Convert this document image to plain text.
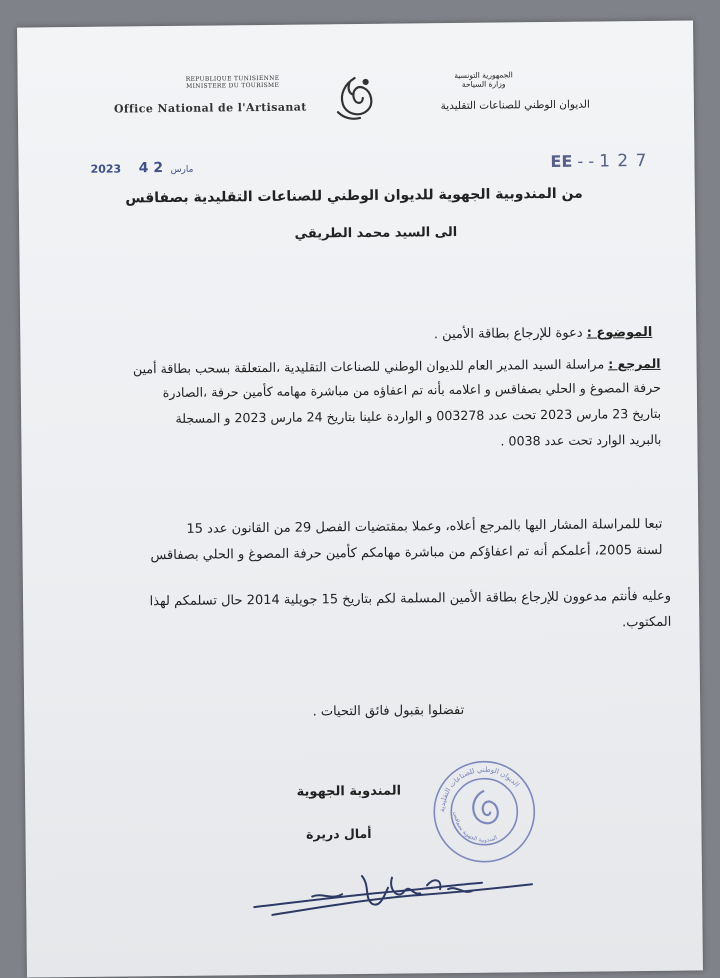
REPUBLIQUE TUNISIENNE
MINISTERE DU TOURISME
Office National de l'Artisanat
الجمهورية التونسية
وزارة السياحة
الديوان الوطني للصناعات التقليدية
2023	مارس 2 4	EE - - 1 2 7
من المندوبية الجهوية للديوان الوطني للصناعات التقليدية بصفاقس
الى السيد محمد الطريقي
الموضوع : دعوة للإرجاع بطاقة الأمين .
المرجع : مراسلة السيد المدير العام للديوان الوطني للصناعات التقليدية ،المتعلقة بسحب بطاقة أمين
حرفة المصوغ و الحلي بصفاقس و اعلامه بأنه تم اعفاؤه من مباشرة مهامه كأمين حرفة ،الصادرة
بتاريخ 23 مارس 2023 تحت عدد 003278 و الواردة علينا بتاريخ 24 مارس 2023 و المسجلة
بالبريد الوارد تحت عدد 0038 .
تبعا للمراسلة المشار اليها بالمرجع أعلاه، وعملا بمقتضيات الفصل 29 من القانون عدد 15
لسنة 2005، أعلمكم أنه تم اعفاؤكم من مباشرة مهامكم كأمين حرفة المصوغ و الحلي بصفاقس
وعليه فأنتم مدعوون للإرجاع بطاقة الأمين المسلمة لكم بتاريخ 15 جويلية 2014 حال تسلمكم لهذا
المكتوب.
تفضلوا بقبول فائق التحيات .
الديوان الوطني للصناعات التقليدية
المندوبية الجهوية بصفاقس
المندوبة الجهوية
أمال دريرة
